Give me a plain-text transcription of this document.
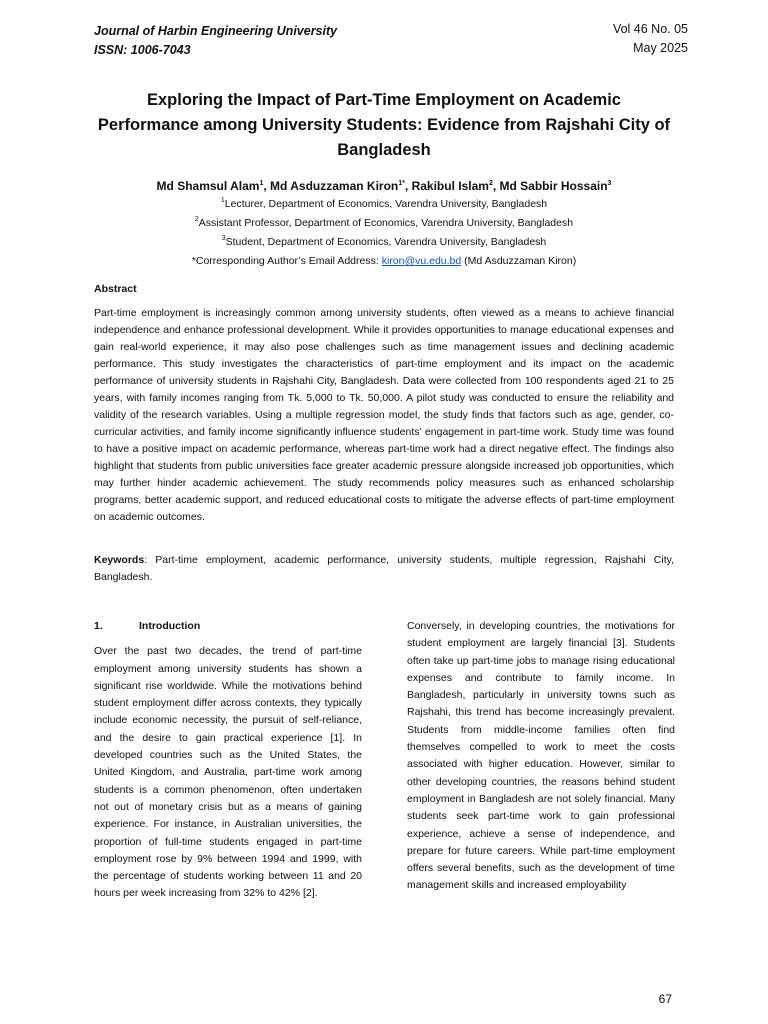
Journal of Harbin Engineering University
ISSN: 1006-7043
Vol 46 No. 05
May 2025
Exploring the Impact of Part-Time Employment on Academic Performance among University Students: Evidence from Rajshahi City of Bangladesh
Md Shamsul Alam$^1$, Md Asduzzaman Kiron$^{1*}$, Rakibul Islam$^2$, Md Sabbir Hossain$^3$
$^1$Lecturer, Department of Economics, Varendra University, Bangladesh
$^2$Assistant Professor, Department of Economics, Varendra University, Bangladesh
$^3$Student, Department of Economics, Varendra University, Bangladesh
*Corresponding Author’s Email Address: kiron@vu.edu.bd (Md Asduzzaman Kiron)
Abstract

Part-time employment is increasingly common among university students, often viewed as a means to achieve financial independence and enhance professional development. While it provides opportunities to manage educational expenses and gain real-world experience, it may also pose challenges such as time management issues and declining academic performance. This study investigates the characteristics of part-time employment and its impact on the academic performance of university students in Rajshahi City, Bangladesh. Data were collected from 100 respondents aged 21 to 25 years, with family incomes ranging from Tk. 5,000 to Tk. 50,000. A pilot study was conducted to ensure the reliability and validity of the research variables. Using a multiple regression model, the study finds that factors such as age, gender, co-curricular activities, and family income significantly influence students’ engagement in part-time work. Study time was found to have a positive impact on academic performance, whereas part-time work had a direct negative effect. The findings also highlight that students from public universities face greater academic pressure alongside increased job opportunities, which may further hinder academic achievement. The study recommends policy measures such as enhanced scholarship programs, better academic support, and reduced educational costs to mitigate the adverse effects of part-time employment on academic outcomes.

Keywords: Part-time employment, academic performance, university students, multiple regression, Rajshahi City, Bangladesh.

1.	Introduction

Over the past two decades, the trend of part-time employment among university students has shown a significant rise worldwide. While the motivations behind student employment differ across contexts, they typically include economic necessity, the pursuit of self-reliance, and the desire to gain practical experience [1]. In developed countries such as the United States, the United Kingdom, and Australia, part-time work among students is a common phenomenon, often undertaken not out of monetary crisis but as a means of gaining experience. For instance, in Australian universities, the proportion of full-time students engaged in part-time employment rose by 9% between 1994 and 1999, with the percentage of students working between 11 and 20 hours per week increasing from 32% to 42% [2].

Conversely, in developing countries, the motivations for student employment are largely financial [3]. Students often take up part-time jobs to manage rising educational expenses and contribute to family income. In Bangladesh, particularly in university towns such as Rajshahi, this trend has become increasingly prevalent. Students from middle-income families often find themselves compelled to work to meet the costs associated with higher education. However, similar to other developing countries, the reasons behind student employment in Bangladesh are not solely financial. Many students seek part-time work to gain professional experience, achieve a sense of independence, and prepare for future careers. While part-time employment offers several benefits, such as the development of time management skills and increased employability

67
